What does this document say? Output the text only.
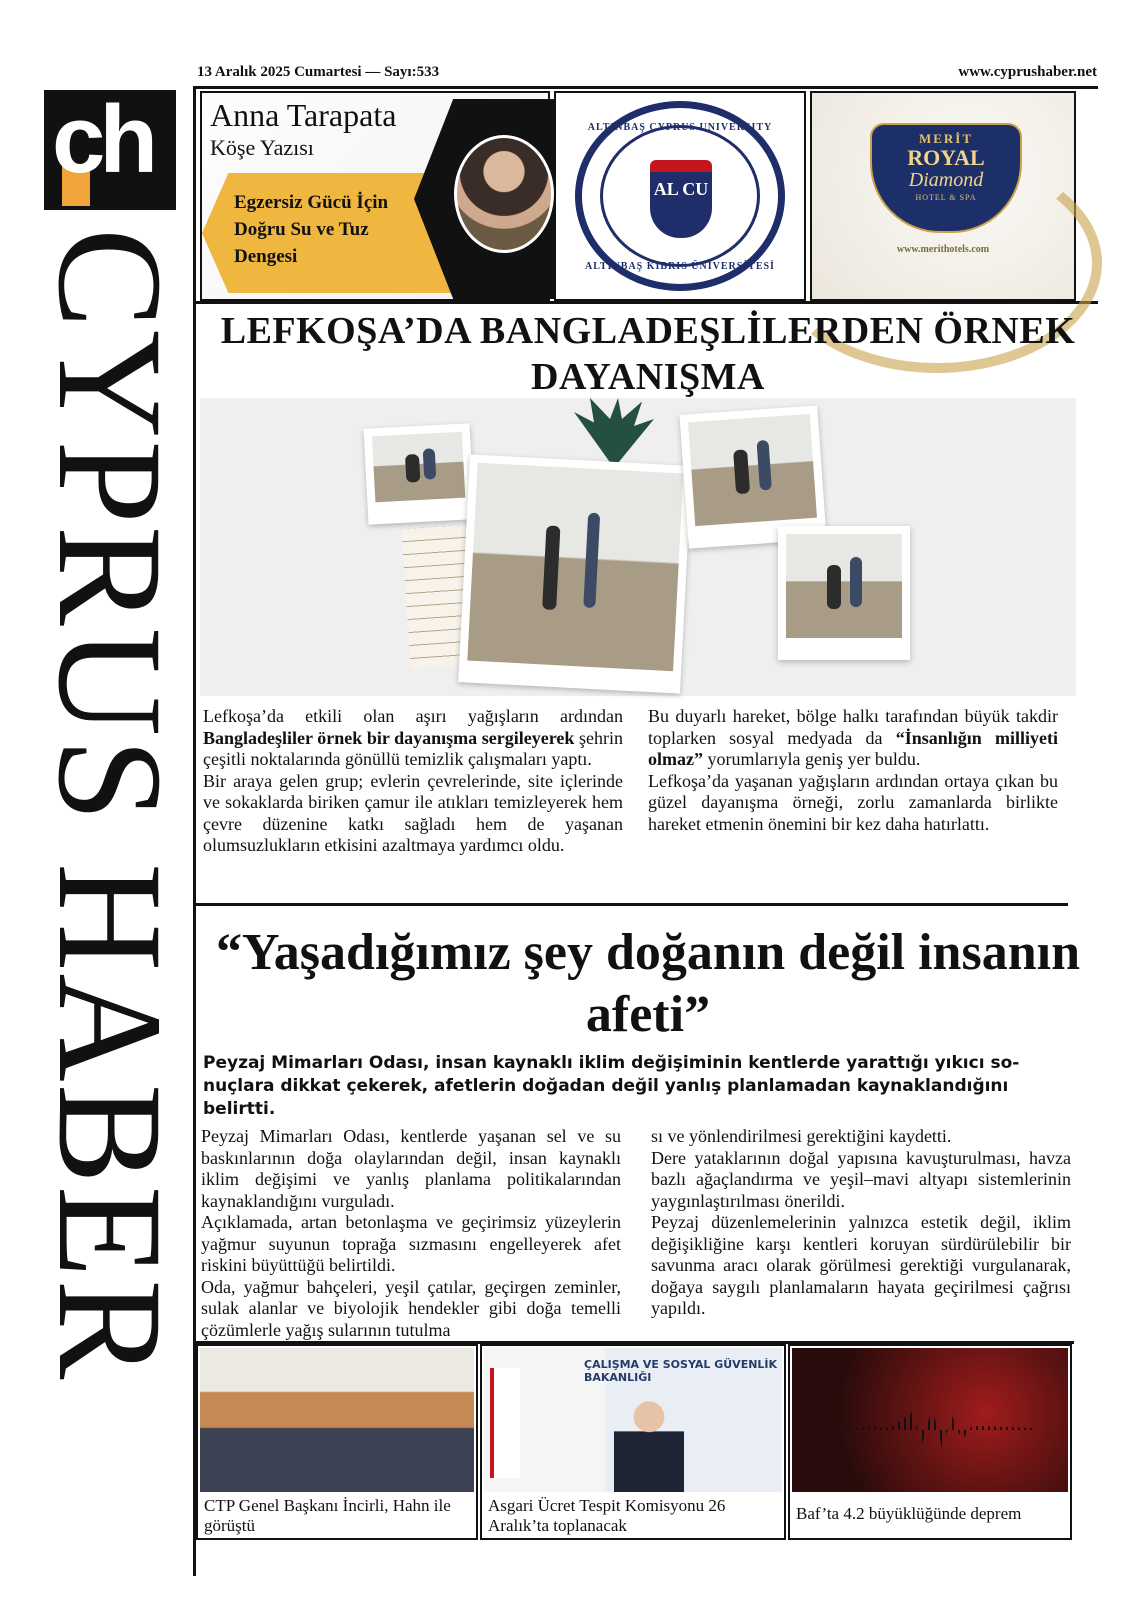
13 Aralık 2025 Cumartesi — Sayı:533	www.cyprushaber.net
ch
CYPRUS HABER
Anna Tarapata
Köşe Yazısı
Egzersiz Gücü İçin Doğru Su ve Tuz Dengesi
ALTINBAŞ CYPRUS UNIVERSITY
AL CU
ALTINBAŞ KIBRIS ÜNİVERSİTESİ
MERİT
ROYAL
Diamond
HOTEL & SPA
www.merithotels.com
LEFKOŞA’DA BANGLADEŞLİLERDEN ÖRNEK DAYANIŞMA
Lefkoşa’da etkili olan aşırı yağışların ardından Bangladeşliler örnek bir dayanışma sergileyerek şehrin çeşitli noktalarında gönüllü temizlik çalışmaları yaptı.

Bir araya gelen grup; evlerin çevrelerinde, site içlerinde ve sokaklarda biriken çamur ile atıkları temizleyerek hem çevre düzenine katkı sağladı hem de yaşanan olumsuzlukların etkisini azaltmaya yardımcı oldu.

Bu duyarlı hareket, bölge halkı tarafından büyük takdir toplarken sosyal medyada da “İnsanlığın milliyeti olmaz” yorumlarıyla geniş yer buldu.

Lefkoşa’da yaşanan yağışların ardından ortaya çıkan bu güzel dayanışma örneği, zorlu zamanlarda birlikte hareket etmenin önemini bir kez daha hatırlattı.

“Yaşadığımız şey doğanın değil insanın afeti”
Peyzaj Mimarları Odası, insan kaynaklı iklim değişiminin kentlerde yarattığı yıkıcı sonuçlara dikkat çekerek, afetlerin doğadan değil yanlış planlamadan kaynaklandığını belirtti.

Peyzaj Mimarları Odası, kentlerde yaşanan sel ve su baskınlarının doğa olaylarından değil, insan kaynaklı iklim değişimi ve yanlış planlama politikalarından kaynaklandığını vurguladı.

Açıklamada, artan betonlaşma ve geçirimsiz yüzeylerin yağmur suyunun toprağa sızmasını engelleyerek afet riskini büyüttüğü belirtildi.

Oda, yağmur bahçeleri, yeşil çatılar, geçirgen zeminler, sulak alanlar ve biyolojik hendekler gibi doğa temelli çözümlerle yağış sularının tutulma

sı ve yönlendirilmesi gerektiğini kaydetti.

Dere yataklarının doğal yapısına kavuşturulması, havza bazlı ağaçlandırma ve yeşil–mavi altyapı sistemlerinin yaygınlaştırılması önerildi.

Peyzaj düzenlemelerinin yalnızca estetik değil, iklim değişikliğine karşı kentleri koruyan sürdürülebilir bir savunma aracı olarak görülmesi gerektiği vurgulanarak, doğaya saygılı planlamaların hayata geçirilmesi çağrısı yapıldı.

CTP Genel Başkanı İncirli, Hahn ile görüştü
ÇALIŞMA VE SOSYAL GÜVENLİK BAKANLIĞI
Asgari Ücret Tespit Komisyonu 26 Aralık’ta toplanacak
Baf’ta 4.2 büyüklüğünde deprem
